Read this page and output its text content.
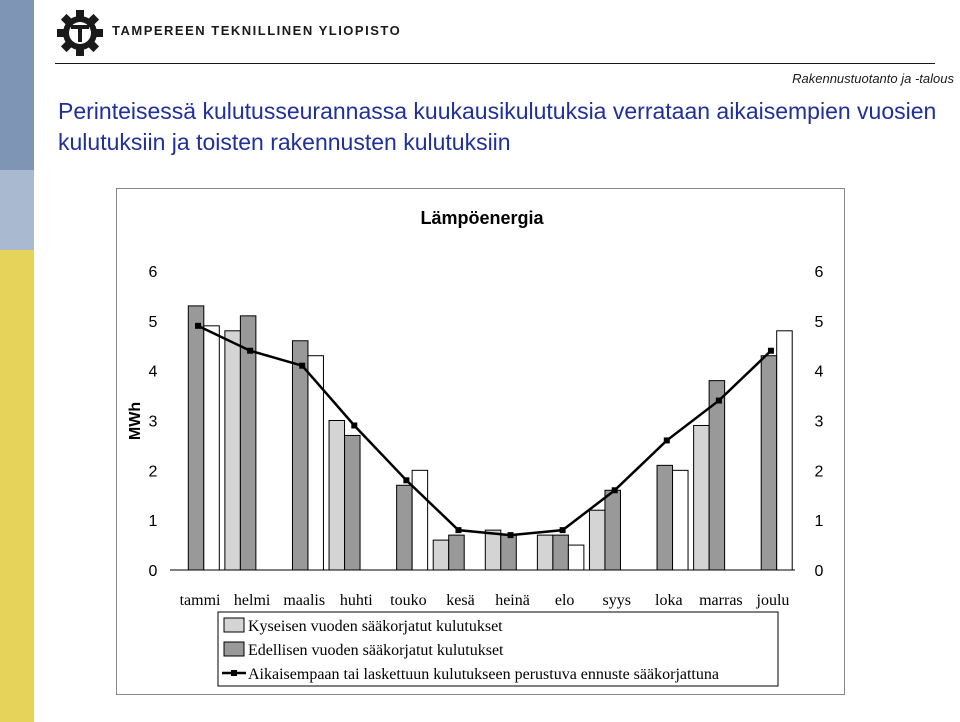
TAMPEREEN TEKNILLINEN YLIOPISTO
Rakennustuotanto ja -talous
Perinteisessä kulutusseurannassa kuukausikulutuksia verrataan aikaisempien vuosien kulutuksiin ja toisten rakennusten kulutuksiin
Lämpöenergia
MWh
0
1
2
3
4
5
6
0
1
2
3
4
5
6
tammi helmi maalis huhti touko kesä heinä elo syys loka marras joulu
Kyseisen vuoden sääkorjatut kulutukset
Edellisen vuoden sääkorjatut kulutukset
Aikaisempaan tai laskettuun kulutukseen perustuva ennuste sääkorjattuna
